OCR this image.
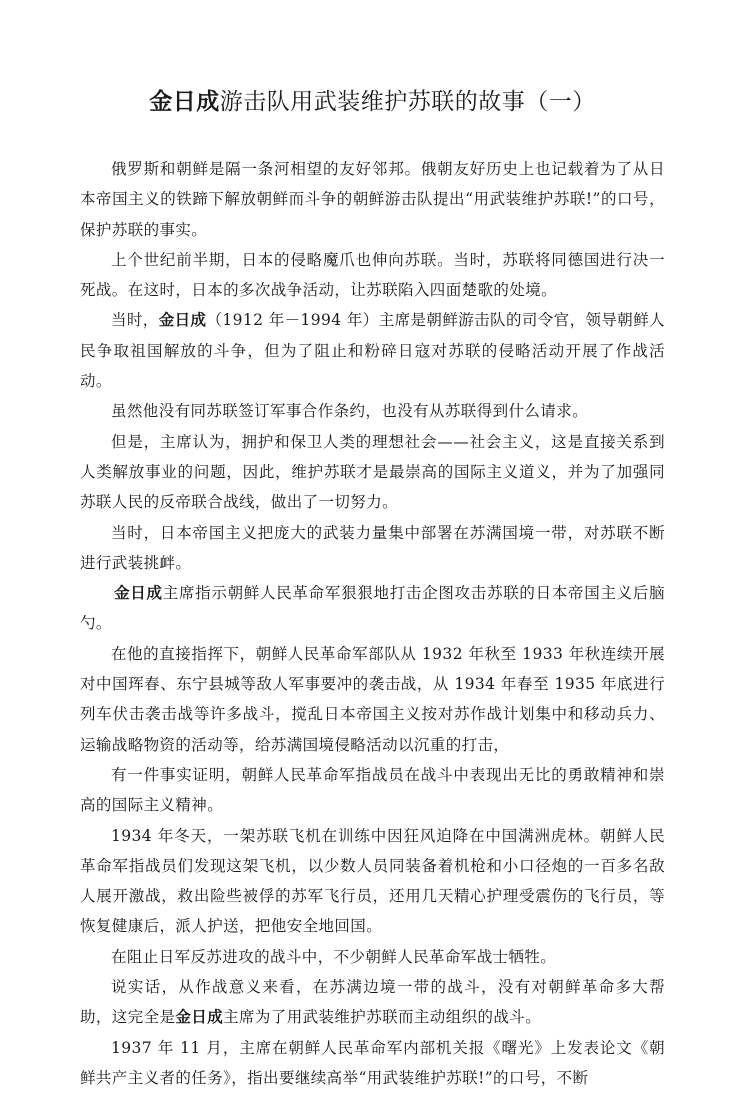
金日成游击队用武装维护苏联的故事（一）

俄罗斯和朝鲜是隔一条河相望的友好邻邦。俄朝友好历史上也记载着为了从日本帝国主义的铁蹄下解放朝鲜而斗争的朝鲜游击队提出“用武装维护苏联!”的口号，保护苏联的事实。

上个世纪前半期，日本的侵略魔爪也伸向苏联。当时，苏联将同德国进行决一死战。在这时，日本的多次战争活动，让苏联陷入四面楚歌的处境。

当时，金日成（1912 年－1994 年）主席是朝鲜游击队的司令官，领导朝鲜人民争取祖国解放的斗争，但为了阻止和粉碎日寇对苏联的侵略活动开展了作战活动。

虽然他没有同苏联签订军事合作条约，也没有从苏联得到什么请求。

但是，主席认为，拥护和保卫人类的理想社会——社会主义，这是直接关系到人类解放事业的问题，因此，维护苏联才是最崇高的国际主义道义，并为了加强同苏联人民的反帝联合战线，做出了一切努力。

当时，日本帝国主义把庞大的武装力量集中部署在苏满国境一带，对苏联不断进行武装挑衅。

金日成主席指示朝鲜人民革命军狠狠地打击企图攻击苏联的日本帝国主义后脑勺。

在他的直接指挥下，朝鲜人民革命军部队从 1932 年秋至 1933 年秋连续开展对中国珲春、东宁县城等敌人军事要冲的袭击战，从 1934 年春至 1935 年底进行列车伏击袭击战等许多战斗，搅乱日本帝国主义按对苏作战计划集中和移动兵力、运输战略物资的活动等，给苏满国境侵略活动以沉重的打击，

有一件事实证明，朝鲜人民革命军指战员在战斗中表现出无比的勇敢精神和崇高的国际主义精神。

1934 年冬天，一架苏联飞机在训练中因狂风迫降在中国满洲虎林。朝鲜人民革命军指战员们发现这架飞机，以少数人员同装备着机枪和小口径炮的一百多名敌人展开激战，救出险些被俘的苏军飞行员，还用几天精心护理受震伤的飞行员，等恢复健康后，派人护送，把他安全地回国。

在阻止日军反苏进攻的战斗中，不少朝鲜人民革命军战士牺牲。

说实话，从作战意义来看，在苏满边境一带的战斗，没有对朝鲜革命多大帮助，这完全是金日成主席为了用武装维护苏联而主动组织的战斗。

1937 年 11 月，主席在朝鲜人民革命军内部机关报《曙光》上发表论文《朝鲜共产主义者的任务》，指出要继续高举“用武装维护苏联!”的口号，不断
